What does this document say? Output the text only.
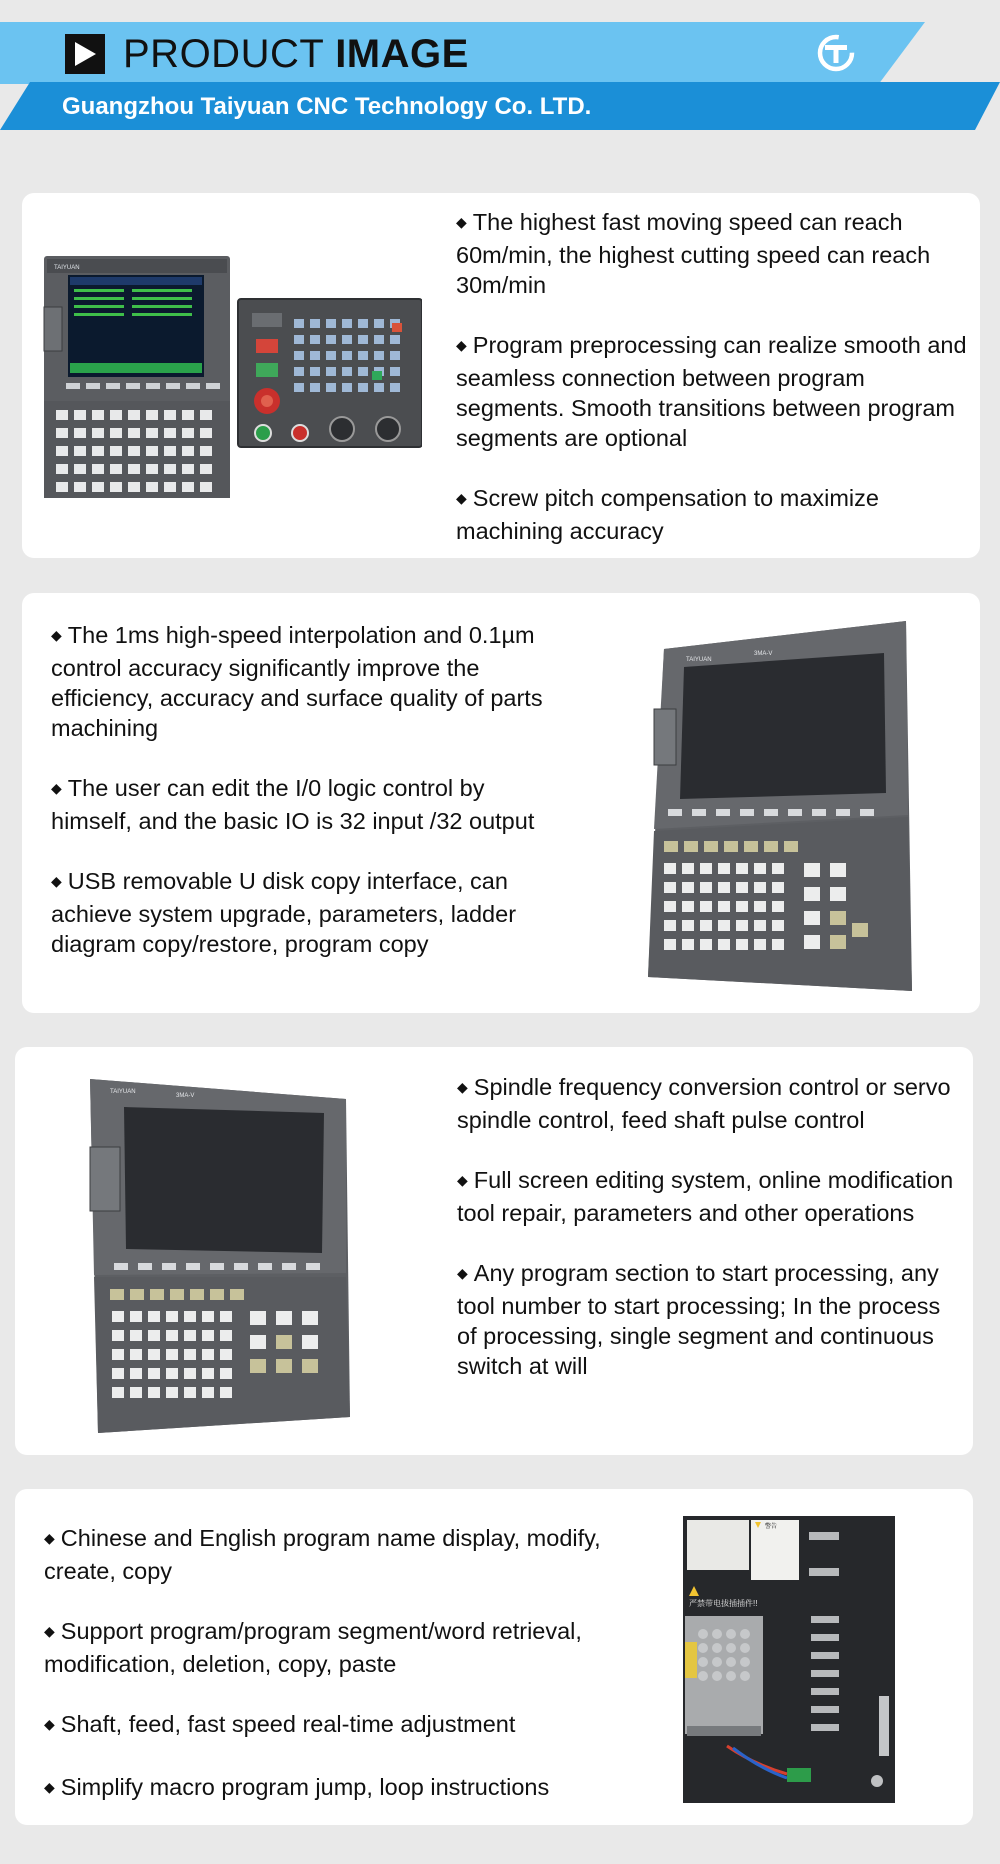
PRODUCT IMAGE
Guangzhou Taiyuan CNC Technology Co. LTD.
TAIYUAN

◆ The highest fast moving speed can reach 60m/min, the highest cutting speed can reach 30m/min

◆ Program preprocessing can realize smooth and seamless connection between program segments. Smooth transitions between program segments are optional

◆ Screw pitch compensation to maximize machining accuracy

◆ The 1ms high-speed interpolation and 0.1µm control accuracy significantly improve the efficiency, accuracy and surface quality of parts machining

◆ The user can edit the I/0 logic control by himself, and the basic IO is 32 input /32 output

◆ USB removable U disk copy interface, can achieve system upgrade, parameters, ladder diagram copy/restore, program copy

TAIYUAN
3MA-V
TAIYUAN
3MA-V

◆ Spindle frequency conversion control or servo spindle control, feed shaft pulse control

◆ Full screen editing system, online modification tool repair, parameters and other operations

◆ Any program section to start processing, any tool number to start processing; In the process of processing, single segment and continuous switch at will

◆ Chinese and English program name display, modify, create, copy

◆ Support program/program segment/word retrieval, modification, deletion, copy, paste

◆ Shaft, feed, fast speed real-time adjustment

◆ Simplify macro program jump, loop instructions

警告
严禁带电拔插插件!!
